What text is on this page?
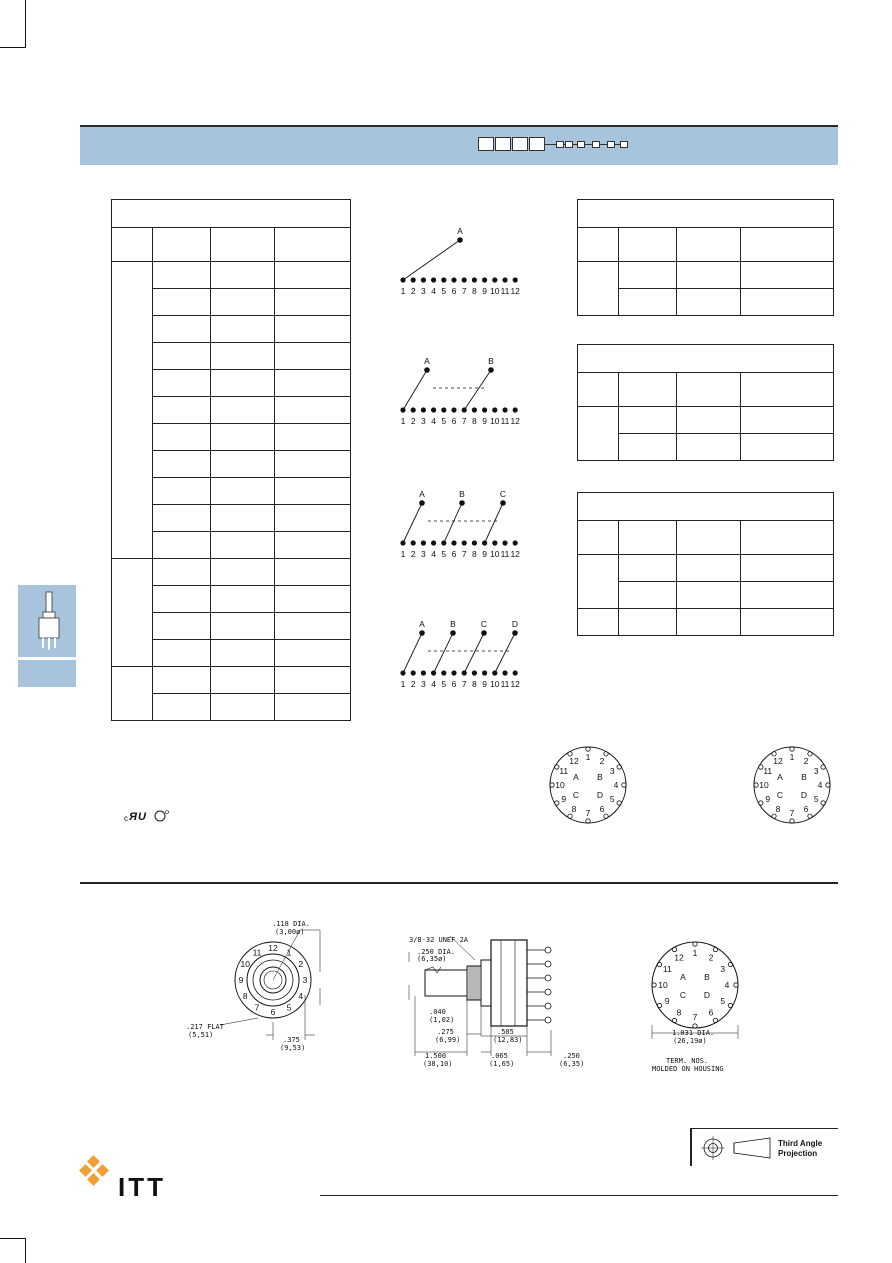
1 2 3 4 5 6 7 8 9 10 11 12
A
1 2 3 4 5 6 7 8 9 10 11 12
A	B
1 2 3 4 5 6 7 8 9 10 11 12
A	B	C
1 2 3 4 5 6 7 8 9 10 11 12
A	B	C	D
c Я U
1 2
3
4
5
6
7
8
9
10
11
12
A B
C D
1 2
3
4
5
6
7
8
9
10
11
12
A B
C D
1
2
3
4
5
6
7
8
9
10
11 12
.118 DIA.
(3,00ø)
.217 FLAT
(5,51)
.375
(9,53)
3/8-32 UNEF 2A
.250 DIA.
(6,35ø)
.040
(1,02)
.275
(6,99)
.505
(12,83)
1.500
(38,10)
.065
(1,65)
.250
(6,35)
1 2
3
4
5
6
7
8
9
10
11
12
A B
C D
1.031 DIA.
(26,19ø)
TERM. NOS.
MOLDED ON HOUSING
Third Angle
Projection
ITT
